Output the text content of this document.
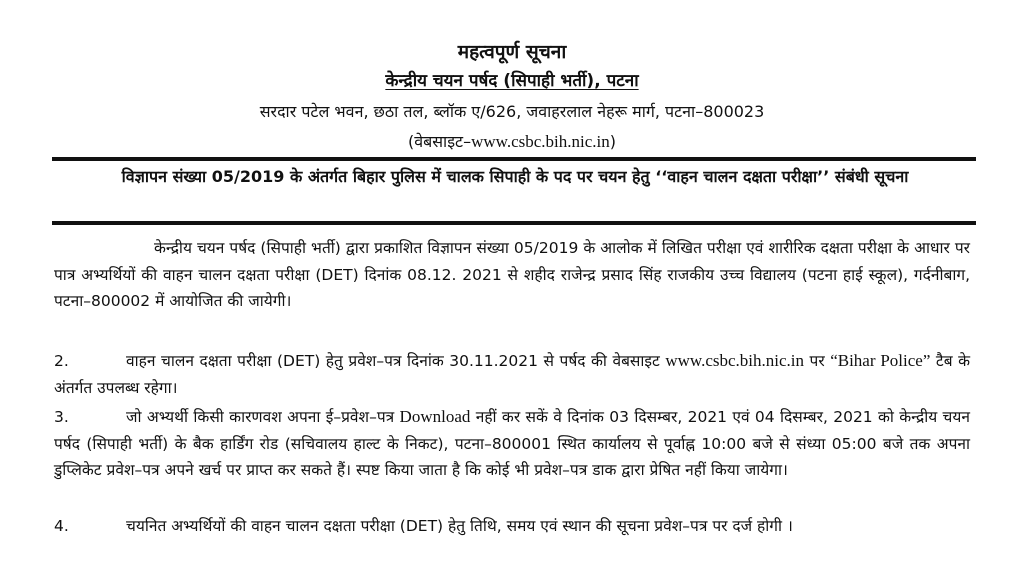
महत्वपूर्ण सूचना
केन्द्रीय चयन पर्षद (सिपाही भर्ती), पटना
सरदार पटेल भवन, छठा तल, ब्लॉक ए/626, जवाहरलाल नेहरू मार्ग, पटना–800023
(वेबसाइट–www.csbc.bih.nic.in)
विज्ञापन संख्या 05/2019 के अंतर्गत बिहार पुलिस में चालक सिपाही के पद पर चयन हेतु ‘‘वाहन चालन दक्षता परीक्षा’’ संबंधी सूचना
केन्द्रीय चयन पर्षद (सिपाही भर्ती) द्वारा प्रकाशित विज्ञापन संख्या 05/2019 के आलोक में लिखित परीक्षा एवं शारीरिक दक्षता परीक्षा के आधार पर पात्र अभ्यर्थियों की वाहन चालन दक्षता परीक्षा (DET) दिनांक 08.12. 2021 से शहीद राजेन्द्र प्रसाद सिंह राजकीय उच्च विद्यालय (पटना हाई स्कूल), गर्दनीबाग, पटना–800002 में आयोजित की जायेगी।
2.	वाहन चालन दक्षता परीक्षा (DET) हेतु प्रवेश–पत्र दिनांक 30.11.2021 से पर्षद की वेबसाइट www.csbc.bih.nic.in पर “Bihar Police” टैब के अंतर्गत उपलब्ध रहेगा।
3.	जो अभ्यर्थी किसी कारणवश अपना ई–प्रवेश–पत्र Download नहीं कर सकें वे दिनांक 03 दिसम्बर, 2021 एवं 04 दिसम्बर, 2021 को केन्द्रीय चयन पर्षद (सिपाही भर्ती) के बैक हार्डिंग रोड (सचिवालय हाल्ट के निकट), पटना–800001 स्थित कार्यालय से पूर्वाह्न 10:00 बजे से संध्या 05:00 बजे तक अपना डुप्लिकेट प्रवेश–पत्र अपने खर्च पर प्राप्त कर सकते हैं। स्पष्ट किया जाता है कि कोई भी प्रवेश–पत्र डाक द्वारा प्रेषित नहीं किया जायेगा।
4.	चयनित अभ्यर्थियों की वाहन चालन दक्षता परीक्षा (DET) हेतु तिथि, समय एवं स्थान की सूचना प्रवेश–पत्र पर दर्ज होगी ।
